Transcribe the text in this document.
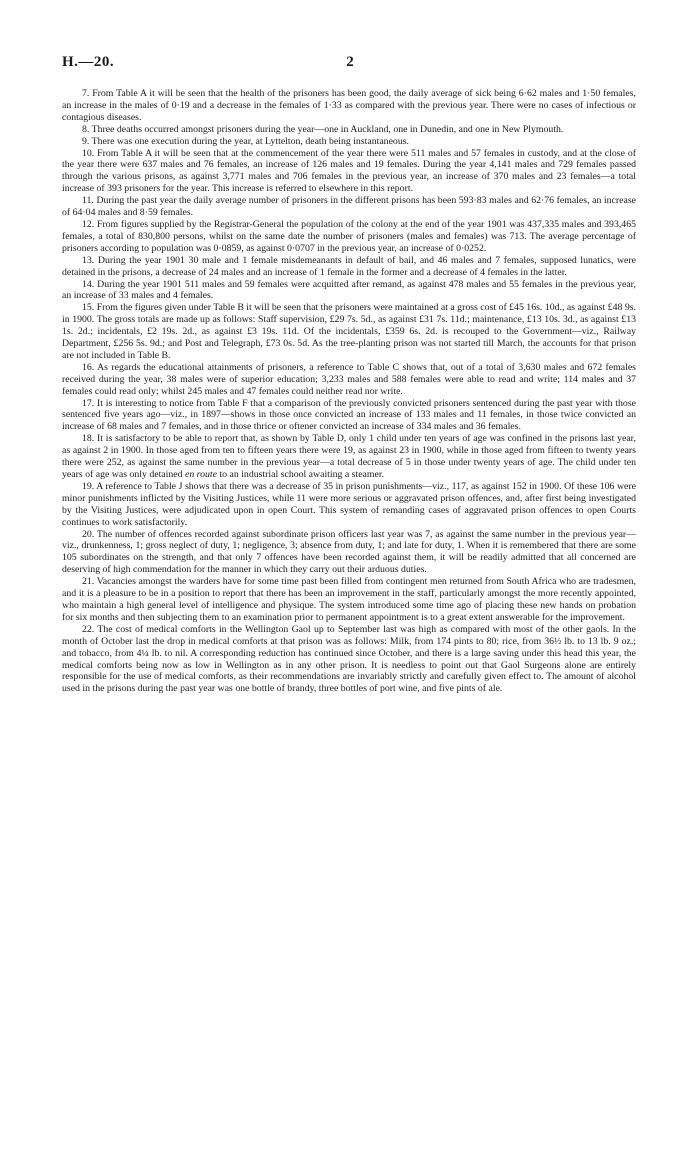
H.—20.	2

7. From Table A it will be seen that the health of the prisoners has been good, the daily average of sick being 6·62 males and 1·50 females, an increase in the males of 0·19 and a decrease in the females of 1·33 as compared with the previous year. There were no cases of infectious or contagious diseases.

8. Three deaths occurred amongst prisoners during the year—one in Auckland, one in Dunedin, and one in New Plymouth.

9. There was one execution during the year, at Lyttelton, death being instantaneous.

10. From Table A it will be seen that at the commencement of the year there were 511 males and 57 females in custody, and at the close of the year there were 637 males and 76 females, an increase of 126 males and 19 females. During the year 4,141 males and 729 females passed through the various prisons, as against 3,771 males and 706 females in the previous year, an increase of 370 males and 23 females—a total increase of 393 prisoners for the year. This increase is referred to elsewhere in this report.

11. During the past year the daily average number of prisoners in the different prisons has been 593·83 males and 62·76 females, an increase of 64·04 males and 8·59 females.

12. From figures supplied by the Registrar-General the population of the colony at the end of the year 1901 was 437,335 males and 393,465 females, a total of 830,800 persons, whilst on the same date the number of prisoners (males and females) was 713. The average percentage of prisoners according to population was 0·0859, as against 0·0707 in the previous year, an increase of 0·0252.

13. During the year 1901 30 male and 1 female misdemeanants in default of bail, and 46 males and 7 females, supposed lunatics, were detained in the prisons, a decrease of 24 males and an increase of 1 female in the former and a decrease of 4 females in the latter.

14. During the year 1901 511 males and 59 females were acquitted after remand, as against 478 males and 55 females in the previous year, an increase of 33 males and 4 females.

15. From the figures given under Table B it will be seen that the prisoners were maintained at a gross cost of £45 16s. 10d., as against £48 9s. in 1900. The gross totals are made up as follows: Staff supervision, £29 7s. 5d., as against £31 7s. 11d.; maintenance, £13 10s. 3d., as against £13 1s. 2d.; incidentals, £2 19s. 2d., as against £3 19s. 11d. Of the incidentals, £359 6s. 2d. is recouped to the Government—viz., Railway Department, £256 5s. 9d.; and Post and Telegraph, £73 0s. 5d. As the tree-planting prison was not started till March, the accounts for that prison are not included in Table B.

16. As regards the educational attainments of prisoners, a reference to Table C shows that, out of a total of 3,630 males and 672 females received during the year, 38 males were of superior education; 3,233 males and 588 females were able to read and write; 114 males and 37 females could read only; whilst 245 males and 47 females could neither read nor write.

17. It is interesting to notice from Table F that a comparison of the previously convicted prisoners sentenced during the past year with those sentenced five years ago—viz., in 1897—shows in those once convicted an increase of 133 males and 11 females, in those twice convicted an increase of 68 males and 7 females, and in those thrice or oftener convicted an increase of 334 males and 36 females.

18. It is satisfactory to be able to report that, as shown by Table D, only 1 child under ten years of age was confined in the prisons last year, as against 2 in 1900. In those aged from ten to fifteen years there were 19, as against 23 in 1900, while in those aged from fifteen to twenty years there were 252, as against the same number in the previous year—a total decrease of 5 in those under twenty years of age. The child under ten years of age was only detained en route to an industrial school awaiting a steamer.

19. A reference to Table J shows that there was a decrease of 35 in prison punishments—viz., 117, as against 152 in 1900. Of these 106 were minor punishments inflicted by the Visiting Justices, while 11 were more serious or aggravated prison offences, and, after first being investigated by the Visiting Justices, were adjudicated upon in open Court. This system of remanding cases of aggravated prison offences to open Courts continues to work satisfactorily.

20. The number of offences recorded against subordinate prison officers last year was 7, as against the same number in the previous year—viz., drunkenness, 1; gross neglect of duty, 1; negligence, 3; absence from duty, 1; and late for duty, 1. When it is remembered that there are some 105 subordinates on the strength, and that only 7 offences have been recorded against them, it will be readily admitted that all concerned are deserving of high commendation for the manner in which they carry out their arduous duties.

21. Vacancies amongst the warders have for some time past been filled from contingent men returned from South Africa who are tradesmen, and it is a pleasure to be in a position to report that there has been an improvement in the staff, particularly amongst the more recently appointed, who maintain a high general level of intelligence and physique. The system introduced some time ago of placing these new hands on probation for six months and then subjecting them to an examination prior to permanent appointment is to a great extent answerable for the improvement.

22. The cost of medical comforts in the Wellington Gaol up to September last was high as compared with most of the other gaols. In the month of October last the drop in medical comforts at that prison was as follows: Milk, from 174 pints to 80; rice, from 36½ lb. to 13 lb. 9 oz.; and tobacco, from 4¼ lb. to nil. A corresponding reduction has continued since October, and there is a large saving under this head this year, the medical comforts being now as low in Wellington as in any other prison. It is needless to point out that Gaol Surgeons alone are entirely responsible for the use of medical comforts, as their recommendations are invariably strictly and carefully given effect to. The amount of alcohol used in the prisons during the past year was one bottle of brandy, three bottles of port wine, and five pints of ale.
